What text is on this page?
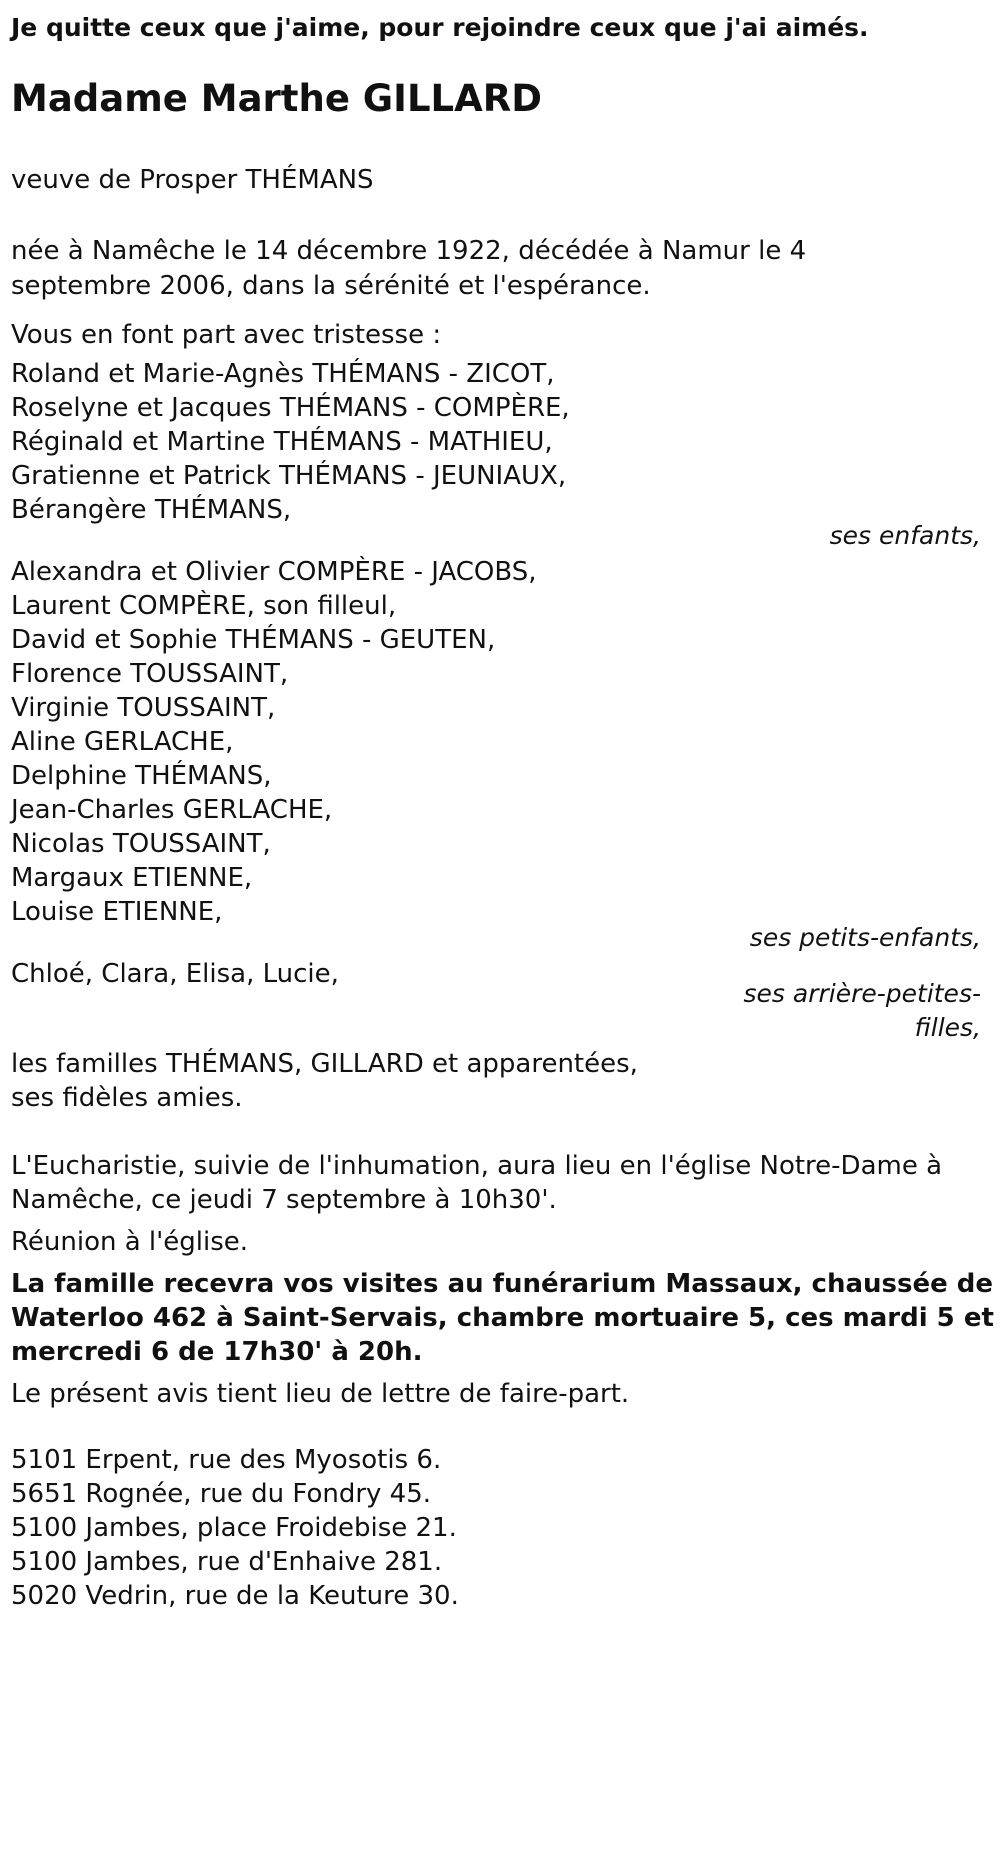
Je quitte ceux que j'aime, pour rejoindre ceux que j'ai aimés.
Madame Marthe GILLARD
veuve de Prosper THÉMANS
née à Namêche le 14 décembre 1922, décédée à Namur le 4 septembre 2006, dans la sérénité et l'espérance.
Vous en font part avec tristesse :
Roland et Marie-Agnès THÉMANS - ZICOT,
Roselyne et Jacques THÉMANS - COMPÈRE,
Réginald et Martine THÉMANS - MATHIEU,
Gratienne et Patrick THÉMANS - JEUNIAUX,
Bérangère THÉMANS,
ses enfants,
Alexandra et Olivier COMPÈRE - JACOBS,
Laurent COMPÈRE, son filleul,
David et Sophie THÉMANS - GEUTEN,
Florence TOUSSAINT,
Virginie TOUSSAINT,
Aline GERLACHE,
Delphine THÉMANS,
Jean-Charles GERLACHE,
Nicolas TOUSSAINT,
Margaux ETIENNE,
Louise ETIENNE,
ses petits-enfants,
Chloé, Clara, Elisa, Lucie,
ses arrière-petites-
filles,
les familles THÉMANS, GILLARD et apparentées,
ses fidèles amies.
L'Eucharistie, suivie de l'inhumation, aura lieu en l'église Notre-Dame à
Namêche, ce jeudi 7 septembre à 10h30'.
Réunion à l'église.
La famille recevra vos visites au funérarium Massaux, chaussée de
Waterloo 462 à Saint-Servais, chambre mortuaire 5, ces mardi 5 et
mercredi 6 de 17h30' à 20h.
Le présent avis tient lieu de lettre de faire-part.
5101 Erpent, rue des Myosotis 6.
5651 Rognée, rue du Fondry 45.
5100 Jambes, place Froidebise 21.
5100 Jambes, rue d'Enhaive 281.
5020 Vedrin, rue de la Keuture 30.
